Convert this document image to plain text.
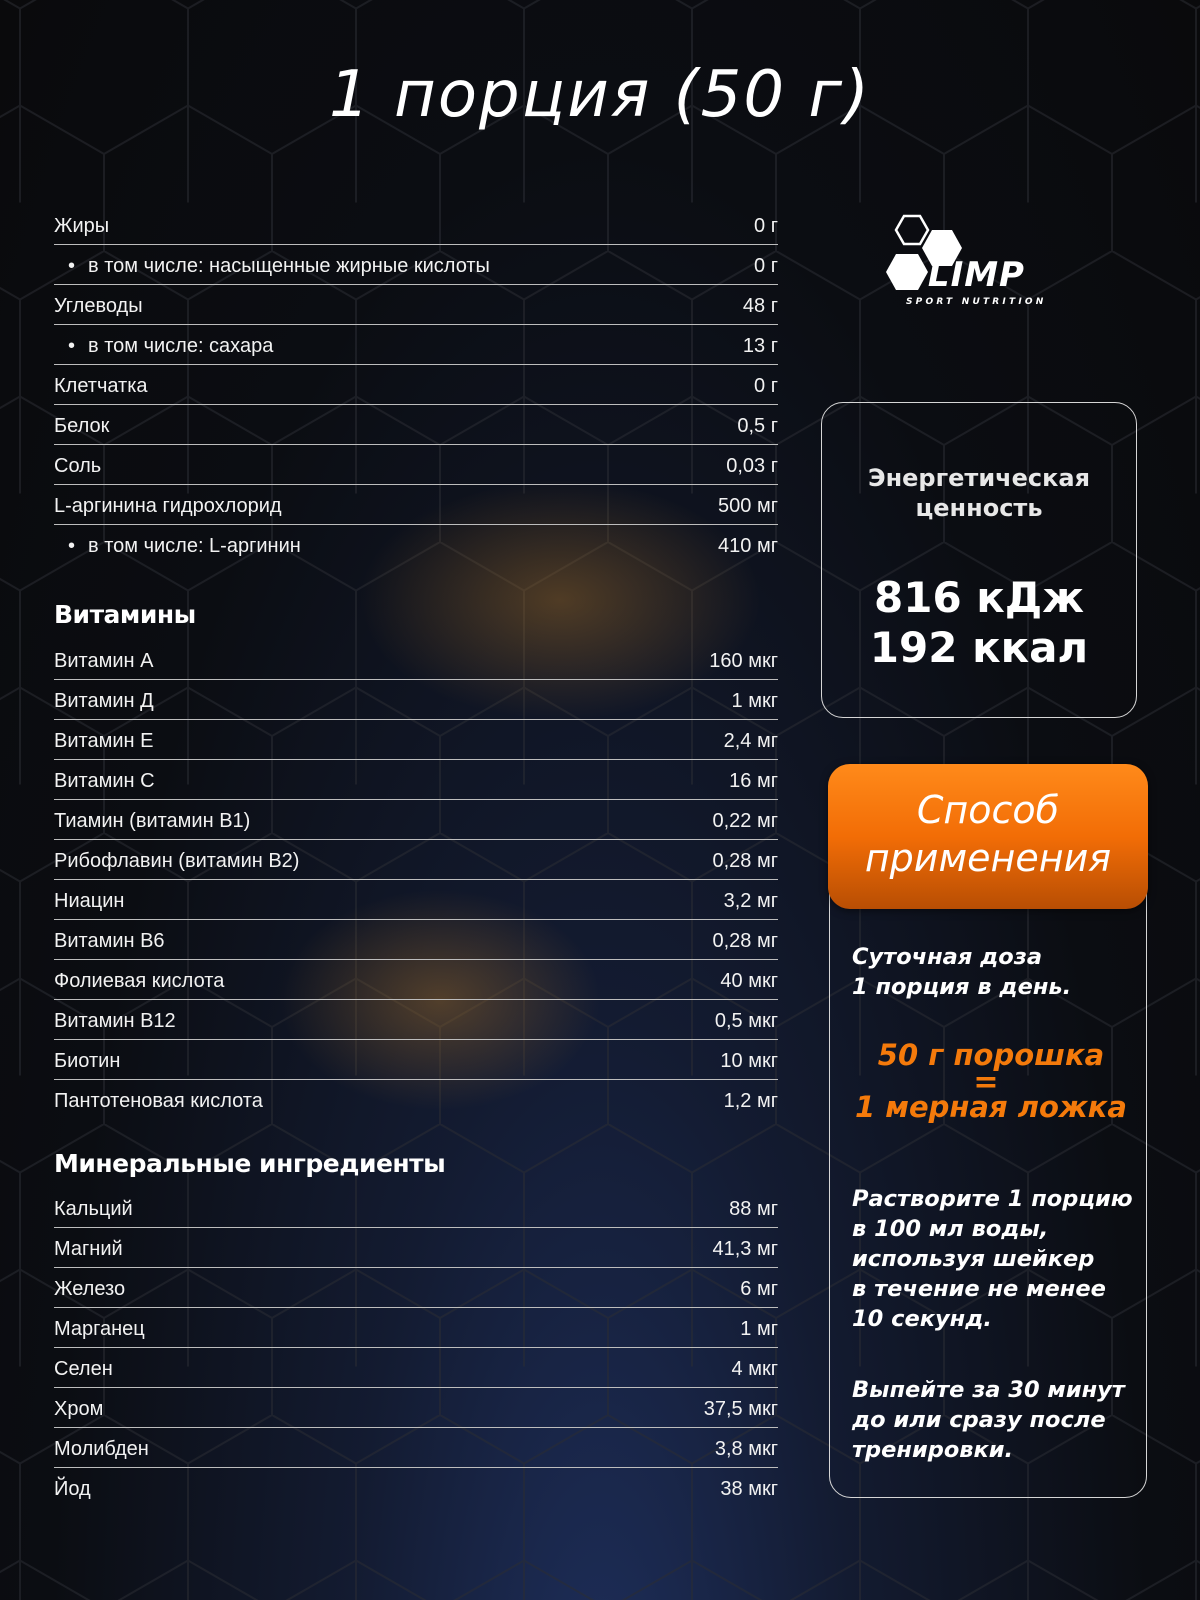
1 порция (50 г)
Жиры	0 г
• в том числе: насыщенные жирные кислоты	0 г
Углеводы	48 г
• в том числе: сахара	13 г
Клетчатка	0 г
Белок	0,5 г
Соль	0,03 г
L-аргинина гидрохлорид	500 мг
• в том числе: L-аргинин	410 мг
Витамины
Витамин А	160 мкг
Витамин Д	1 мкг
Витамин Е	2,4 мг
Витамин С	16 мг
Тиамин (витамин В1)	0,22 мг
Рибофлавин (витамин В2)	0,28 мг
Ниацин	3,2 мг
Витамин В6	0,28 мг
Фолиевая кислота	40 мкг
Витамин В12	0,5 мкг
Биотин	10 мкг
Пантотеновая кислота	1,2 мг
Минеральные ингредиенты
Кальций	88 мг
Магний	41,3 мг
Железо	6 мг
Марганец	1 мг
Селен	4 мкг
Хром	37,5 мкг
Молибден	3,8 мкг
Йод	38 мкг
OLIMP
SPORT NUTRITION
Энергетическая
ценность
816 кДж
192 ккал
Способ
применения
Суточная доза
1 порция в день.
50 г порошка
=
1 мерная ложка
Растворите 1 порцию
в 100 мл воды,
используя шейкер
в течение не менее
10 секунд.
Выпейте за 30 минут
до или сразу после
тренировки.
